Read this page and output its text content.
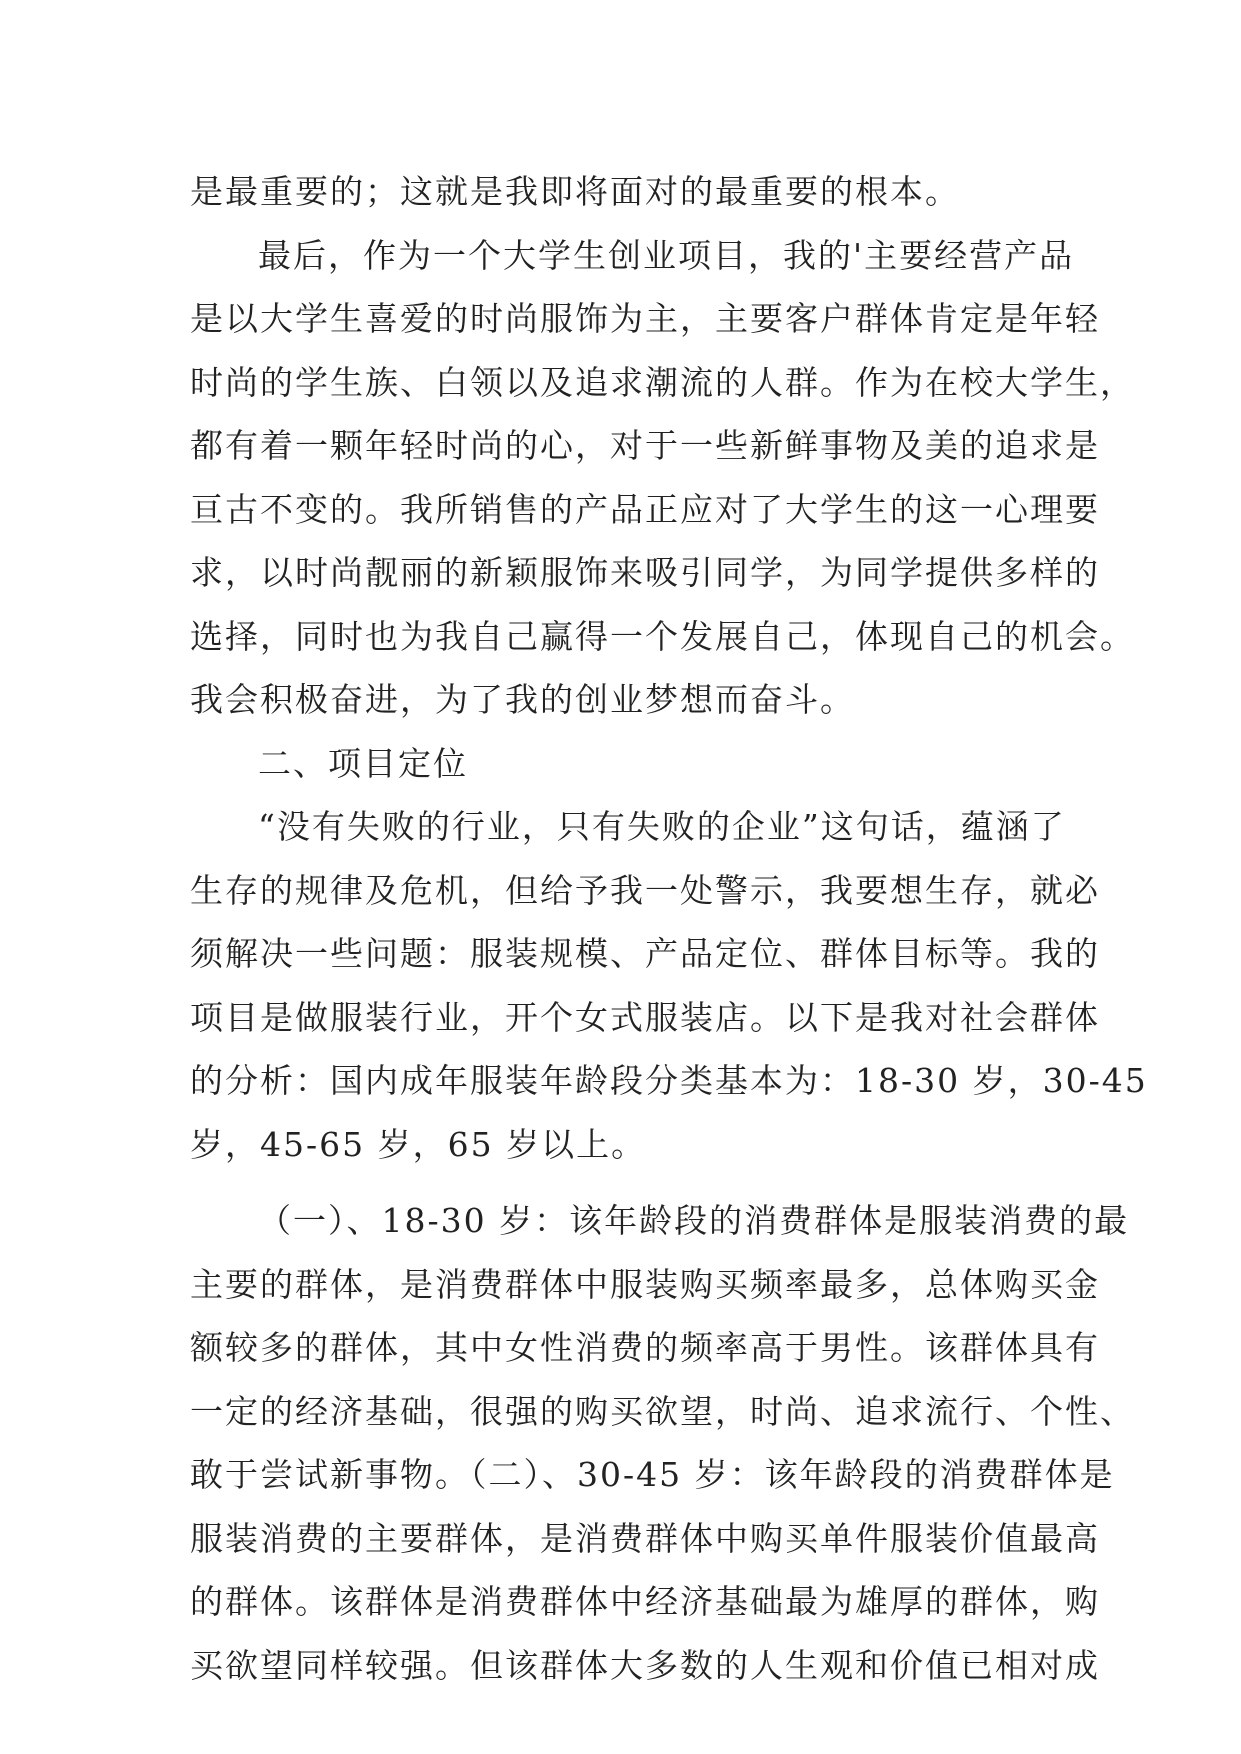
是最重要的；这就是我即将面对的最重要的根本。
最后，作为一个大学生创业项目，我的'主要经营产品
是以大学生喜爱的时尚服饰为主，主要客户群体肯定是年轻
时尚的学生族、白领以及追求潮流的人群。作为在校大学生，
都有着一颗年轻时尚的心，对于一些新鲜事物及美的追求是
亘古不变的。我所销售的产品正应对了大学生的这一心理要
求，以时尚靓丽的新颖服饰来吸引同学，为同学提供多样的
选择，同时也为我自己赢得一个发展自己，体现自己的机会。
我会积极奋进，为了我的创业梦想而奋斗。
二、项目定位
“没有失败的行业，只有失败的企业”这句话，蕴涵了
生存的规律及危机，但给予我一处警示，我要想生存，就必
须解决一些问题：服装规模、产品定位、群体目标等。我的
项目是做服装行业，开个女式服装店。以下是我对社会群体
的分析：国内成年服装年龄段分类基本为：18-30 岁，30-45
岁，45-65 岁，65 岁以上。
（一）、18-30 岁：该年龄段的消费群体是服装消费的最
主要的群体，是消费群体中服装购买频率最多，总体购买金
额较多的群体，其中女性消费的频率高于男性。该群体具有
一定的经济基础，很强的购买欲望，时尚、追求流行、个性、
敢于尝试新事物。（二）、30-45 岁：该年龄段的消费群体是
服装消费的主要群体，是消费群体中购买单件服装价值最高
的群体。该群体是消费群体中经济基础最为雄厚的群体，购
买欲望同样较强。但该群体大多数的人生观和价值已相对成
